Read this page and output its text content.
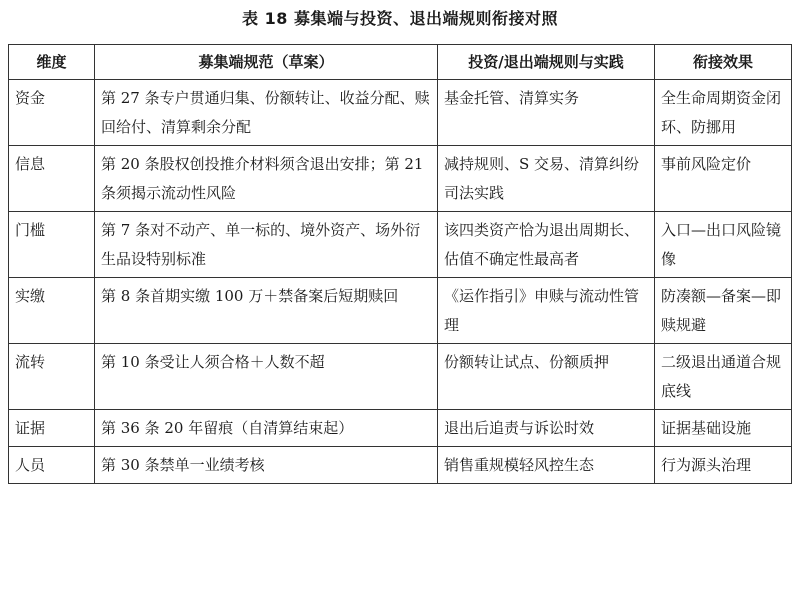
表 18 募集端与投资、退出端规则衔接对照
维度	募集端规范（草案）	投资/退出端规则与实践	衔接效果
资金	第 27 条专户贯通归集、份额转让、收益分配、赎回给付、清算剩余分配	基金托管、清算实务	全生命周期资金闭环、防挪用
信息	第 20 条股权创投推介材料须含退出安排；第 21 条须揭示流动性风险	减持规则、S 交易、清算纠纷司法实践	事前风险定价
门槛	第 7 条对不动产、单一标的、境外资产、场外衍生品设特别标准	该四类资产恰为退出周期长、估值不确定性最高者	入口—出口风险镜像
实缴	第 8 条首期实缴 100 万＋禁备案后短期赎回	《运作指引》申赎与流动性管理	防凑额—备案—即赎规避
流转	第 10 条受让人须合格＋人数不超	份额转让试点、份额质押	二级退出通道合规底线
证据	第 36 条 20 年留痕（自清算结束起）	退出后追责与诉讼时效	证据基础设施
人员	第 30 条禁单一业绩考核	销售重规模轻风控生态	行为源头治理
